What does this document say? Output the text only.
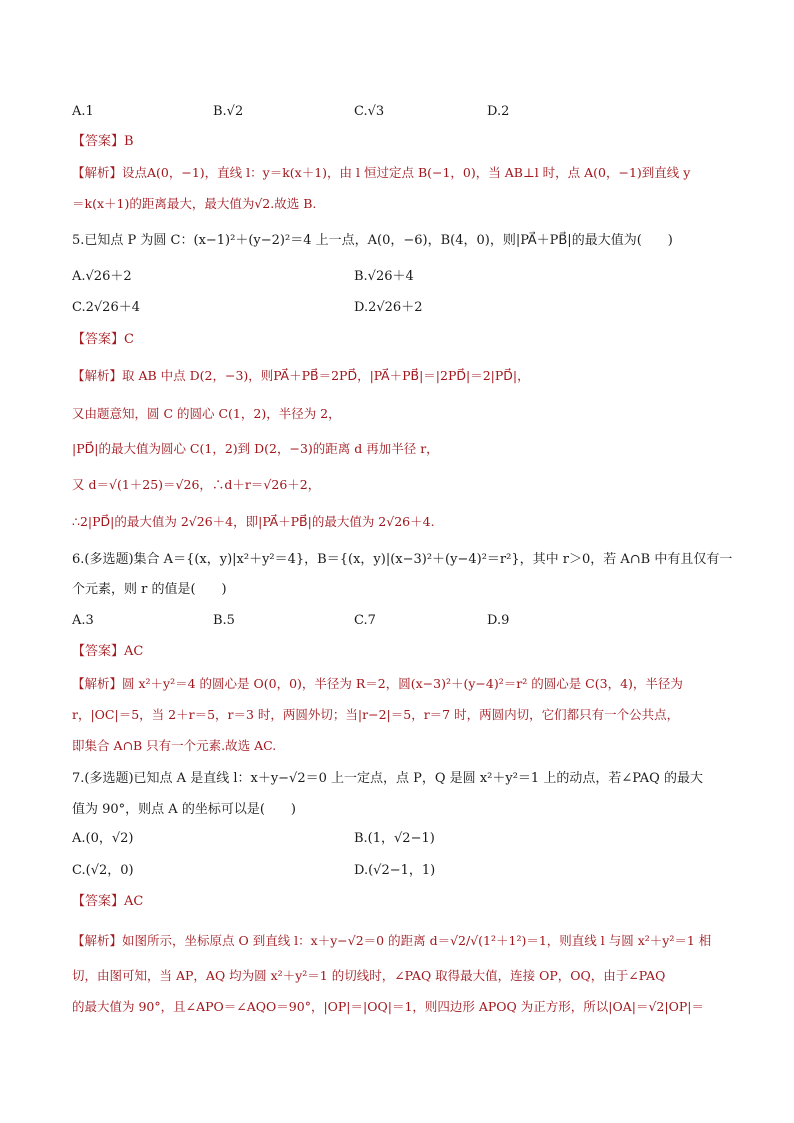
A.1	B.√2	C.√3	D.2
【答案】B
【解析】设点A(0，−1)，直线 l：y＝k(x＋1)，由 l 恒过定点 B(−1，0)，当 AB⊥l 时，点 A(0，−1)到直线 y
＝k(x＋1)的距离最大，最大值为√2.故选 B.
5.已知点 P 为圆 C：(x−1)²＋(y−2)²＝4 上一点，A(0，−6)，B(4，0)，则|PA⃗＋PB⃗|的最大值为(　　)
A.√26＋2	B.√26＋4
C.2√26＋4	D.2√26＋2
【答案】C
【解析】取 AB 中点 D(2，−3)，则PA⃗＋PB⃗＝2PD⃗，|PA⃗＋PB⃗|＝|2PD⃗|＝2|PD⃗|，
又由题意知，圆 C 的圆心 C(1，2)，半径为 2，
|PD⃗|的最大值为圆心 C(1，2)到 D(2，−3)的距离 d 再加半径 r，
又 d＝√(1＋25)＝√26，∴d＋r＝√26＋2，
∴2|PD⃗|的最大值为 2√26＋4，即|PA⃗＋PB⃗|的最大值为 2√26＋4.
6.(多选题)集合 A＝{(x，y)|x²＋y²＝4}，B＝{(x，y)|(x−3)²＋(y−4)²＝r²}，其中 r＞0，若 A∩B 中有且仅有一
个元素，则 r 的值是(　　)
A.3	B.5	C.7	D.9
【答案】AC
【解析】圆 x²＋y²＝4 的圆心是 O(0，0)，半径为 R＝2，圆(x−3)²＋(y−4)²＝r² 的圆心是 C(3，4)，半径为
r，|OC|＝5，当 2＋r＝5，r＝3 时，两圆外切；当|r−2|＝5，r＝7 时，两圆内切，它们都只有一个公共点，
即集合 A∩B 只有一个元素.故选 AC.
7.(多选题)已知点 A 是直线 l：x＋y−√2＝0 上一定点，点 P，Q 是圆 x²＋y²＝1 上的动点，若∠PAQ 的最大
值为 90°，则点 A 的坐标可以是(　　)
A.(0，√2)	B.(1，√2−1)
C.(√2，0)	D.(√2−1，1)
【答案】AC
【解析】如图所示，坐标原点 O 到直线 l：x＋y−√2＝0 的距离 d＝√2/√(1²＋1²)＝1，则直线 l 与圆 x²＋y²＝1 相
切，由图可知，当 AP，AQ 均为圆 x²＋y²＝1 的切线时，∠PAQ 取得最大值，连接 OP，OQ，由于∠PAQ
的最大值为 90°，且∠APO＝∠AQO＝90°，|OP|＝|OQ|＝1，则四边形 APOQ 为正方形，所以|OA|＝√2|OP|＝
